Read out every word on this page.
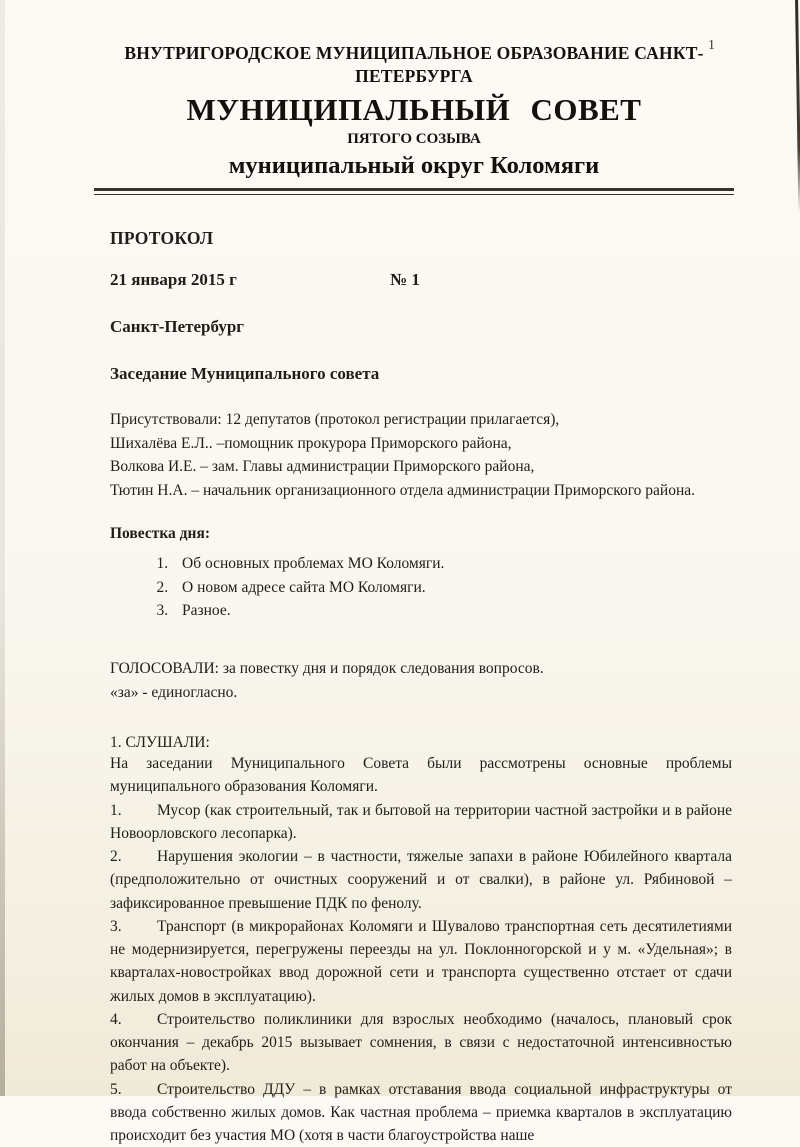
1
ВНУТРИГОРОДСКОЕ МУНИЦИПАЛЬНОЕ ОБРАЗОВАНИЕ САНКТ-
ПЕТЕРБУРГА
МУНИЦИПАЛЬНЫЙ СОВЕТ
ПЯТОГО СОЗЫВА
муниципальный округ Коломяги
ПРОТОКОЛ
21 января 2015 г	№ 1
Санкт-Петербург
Заседание Муниципального совета
Присутствовали: 12 депутатов (протокол регистрации прилагается),
Шихалёва Е.Л.. –помощник прокурора Приморского района,
Волкова И.Е. – зам. Главы администрации Приморского района,
Тютин Н.А. – начальник организационного отдела администрации Приморского района.
Повестка дня:
1. Об основных проблемах МО Коломяги.
2. О новом адресе сайта МО Коломяги.
3. Разное.
ГОЛОСОВАЛИ: за повестку дня и порядок следования вопросов.
«за» - единогласно.
1. СЛУШАЛИ:

На заседании Муниципального Совета были рассмотрены основные проблемы муниципального образования Коломяги.

1. Мусор (как строительный, так и бытовой на территории частной застройки и в районе Новоорловского лесопарка).

2. Нарушения экологии – в частности, тяжелые запахи в районе Юбилейного квартала (предположительно от очистных сооружений и от свалки), в районе ул. Рябиновой – зафиксированное превышение ПДК по фенолу.

3. Транспорт (в микрорайонах Коломяги и Шувалово транспортная сеть десятилетиями не модернизируется, перегружены переезды на ул. Поклонногорской и у м. «Удельная»; в кварталах-новостройках ввод дорожной сети и транспорта существенно отстает от сдачи жилых домов в эксплуатацию).

4. Строительство поликлиники для взрослых необходимо (началось, плановый срок окончания – декабрь 2015 вызывает сомнения, в связи с недостаточной интенсивностью работ на объекте).

5. Строительство ДДУ – в рамках отставания ввода социальной инфраструктуры от ввода собственно жилых домов. Как частная проблема – приемка кварталов в эксплуатацию происходит без участия МО (хотя в части благоустройства наше
